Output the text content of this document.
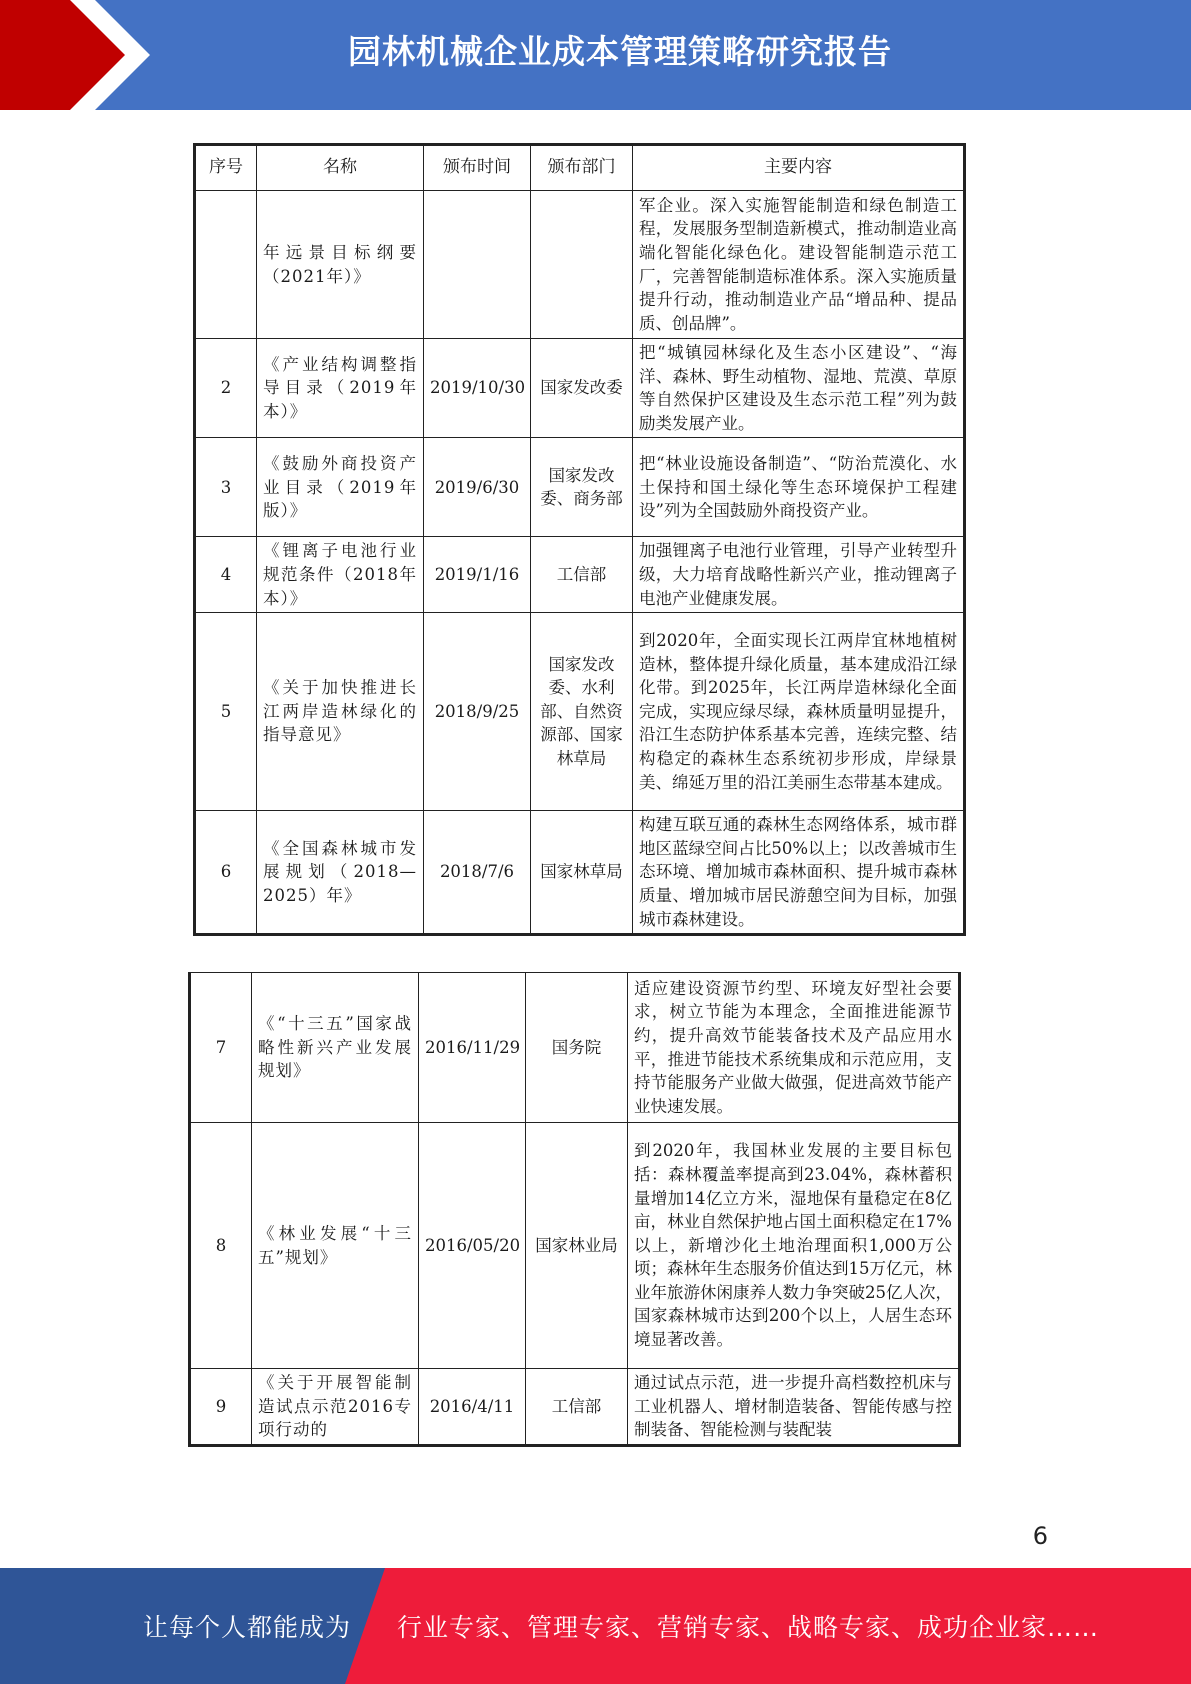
园林机械企业成本管理策略研究报告
序号	名称	颁布时间	颁布部门	主要内容
	年远景目标纲要（2021年）》			军企业。深入实施智能制造和绿色制造工程，发展服务型制造新模式，推动制造业高端化智能化绿色化。建设智能制造示范工厂，完善智能制造标准体系。深入实施质量提升行动，推动制造业产品“增品种、提品质、创品牌”。
2	《产业结构调整指导目录（2019年本）》	2019/10/30	国家发改委	把“城镇园林绿化及生态小区建设”、“海洋、森林、野生动植物、湿地、荒漠、草原等自然保护区建设及生态示范工程”列为鼓励类发展产业。
3	《鼓励外商投资产业目录（2019年版）》	2019/6/30	国家发改委、商务部	把“林业设施设备制造”、“防治荒漠化、水土保持和国土绿化等生态环境保护工程建设”列为全国鼓励外商投资产业。
4	《锂离子电池行业规范条件（2018年本）》	2019/1/16	工信部	加强锂离子电池行业管理，引导产业转型升级，大力培育战略性新兴产业，推动锂离子电池产业健康发展。
5	《关于加快推进长江两岸造林绿化的指导意见》	2018/9/25	国家发改委、水利部、自然资源部、国家林草局	到2020年，全面实现长江两岸宜林地植树造林，整体提升绿化质量，基本建成沿江绿化带。到2025年，长江两岸造林绿化全面完成，实现应绿尽绿，森林质量明显提升，沿江生态防护体系基本完善，连续完整、结构稳定的森林生态系统初步形成，岸绿景美、绵延万里的沿江美丽生态带基本建成。
6	《全国森林城市发展规划（2018—2025）年》	2018/7/6	国家林草局	构建互联互通的森林生态网络体系，城市群地区蓝绿空间占比50%以上；以改善城市生态环境、增加城市森林面积、提升城市森林质量、增加城市居民游憩空间为目标，加强城市森林建设。
7	《“十三五”国家战略性新兴产业发展规划》	2016/11/29	国务院	适应建设资源节约型、环境友好型社会要求，树立节能为本理念，全面推进能源节约，提升高效节能装备技术及产品应用水平，推进节能技术系统集成和示范应用，支持节能服务产业做大做强，促进高效节能产业快速发展。
8	《林业发展“十三五”规划》	2016/05/20	国家林业局	到2020年，我国林业发展的主要目标包括：森林覆盖率提高到23.04%，森林蓄积量增加14亿立方米，湿地保有量稳定在8亿亩，林业自然保护地占国土面积稳定在17%以上，新增沙化土地治理面积1,000万公顷；森林年生态服务价值达到15万亿元，林业年旅游休闲康养人数力争突破25亿人次，国家森林城市达到200个以上，人居生态环境显著改善。
9	《关于开展智能制造试点示范2016专项行动的	2016/4/11	工信部	通过试点示范，进一步提升高档数控机床与工业机器人、增材制造装备、智能传感与控制装备、智能检测与装配装
6
让每个人都能成为 行业专家、管理专家、营销专家、战略专家、成功企业家……
